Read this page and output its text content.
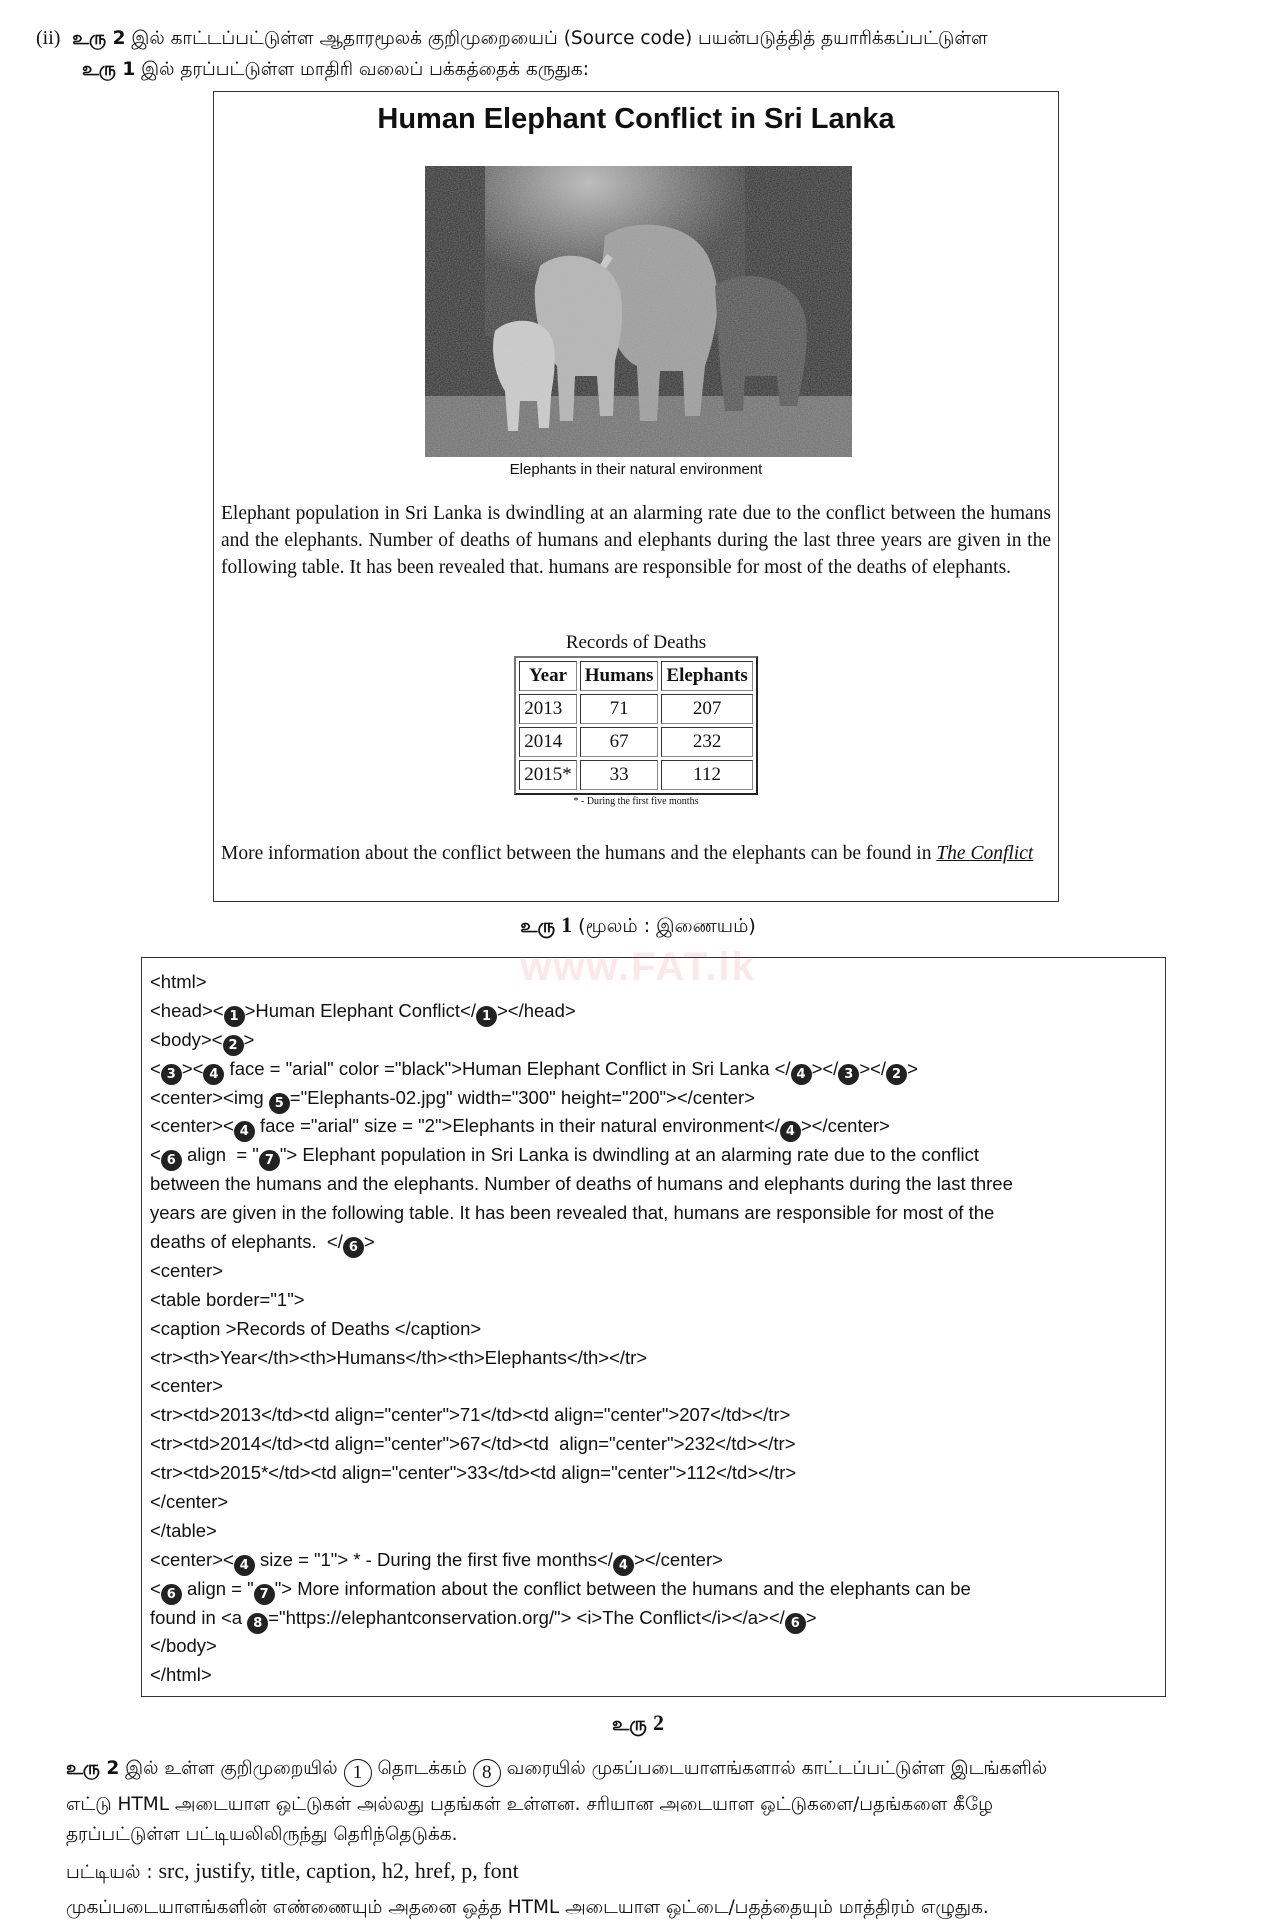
(ii) உரு 2 இல் காட்டப்பட்டுள்ள ஆதாரமூலக் குறிமுறையைப் (Source code) பயன்படுத்தித் தயாரிக்கப்பட்டுள்ள
உரு 1 இல் தரப்பட்டுள்ள மாதிரி வலைப் பக்கத்தைக் கருதுக:
Human Elephant Conflict in Sri Lanka
Elephants in their natural environment
Elephant population in Sri Lanka is dwindling at an alarming rate due to the conflict between the humans and the elephants. Number of deaths of humans and elephants during the last three years are given in the following table. It has been revealed that. humans are responsible for most of the deaths of elephants.
Records of Deaths
Year	Humans	Elephants
2013	71	207
2014	67	232
2015*	33	112
* - During the first five months
More information about the conflict between the humans and the elephants can be found in The Conflict
உரு 1 (மூலம் : இணையம்)
www.FAT.lk
<html>
<head>< 1 >Human Elephant Conflict</ 1 ></head>
<body>< 2 >
< 3 >< 4 face = "arial" color ="black">Human Elephant Conflict in Sri Lanka </ 4 ></ 3 ></ 2 >
<center><img 5 ="Elephants-02.jpg" width="300" height="200"></center>
<center>< 4 face ="arial" size = "2">Elephants in their natural environment</ 4 ></center>
< 6 align  = " 7 "> Elephant population in Sri Lanka is dwindling at an alarming rate due to the conflict
between the humans and the elephants. Number of deaths of humans and elephants during the last three
years are given in the following table. It has been revealed that, humans are responsible for most of the
deaths of elephants.  </ 6 >
<center>
<table border="1">
<caption >Records of Deaths </caption>
<tr><th>Year</th><th>Humans</th><th>Elephants</th></tr>
<center>
<tr><td>2013</td><td align="center">71</td><td align="center">207</td></tr>
<tr><td>2014</td><td align="center">67</td><td  align="center">232</td></tr>
<tr><td>2015*</td><td align="center">33</td><td align="center">112</td></tr>
</center>
</table>
<center>< 4 size = "1"> * - During the first five months</ 4 ></center>
< 6 align = " 7 "> More information about the conflict between the humans and the elephants can be
found in <a 8 ="https://elephantconservation.org/"> <i>The Conflict</i></a></ 6 >
</body>
</html>
உரு 2
உரு 2 இல் உள்ள குறிமுறையில் 1 தொடக்கம் 8 வரையில் முகப்படையாளங்களால் காட்டப்பட்டுள்ள இடங்களில்
எட்டு HTML அடையாள ஒட்டுகள் அல்லது பதங்கள் உள்ளன. சரியான அடையாள ஒட்டுகளை/பதங்களை கீழே
தரப்பட்டுள்ள பட்டியலிலிருந்து தெரிந்தெடுக்க.
பட்டியல் : src, justify, title, caption, h2, href, p, font
முகப்படையாளங்களின் எண்ணையும் அதனை ஒத்த HTML அடையாள ஒட்டை/பதத்தையும் மாத்திரம் எழுதுக.
